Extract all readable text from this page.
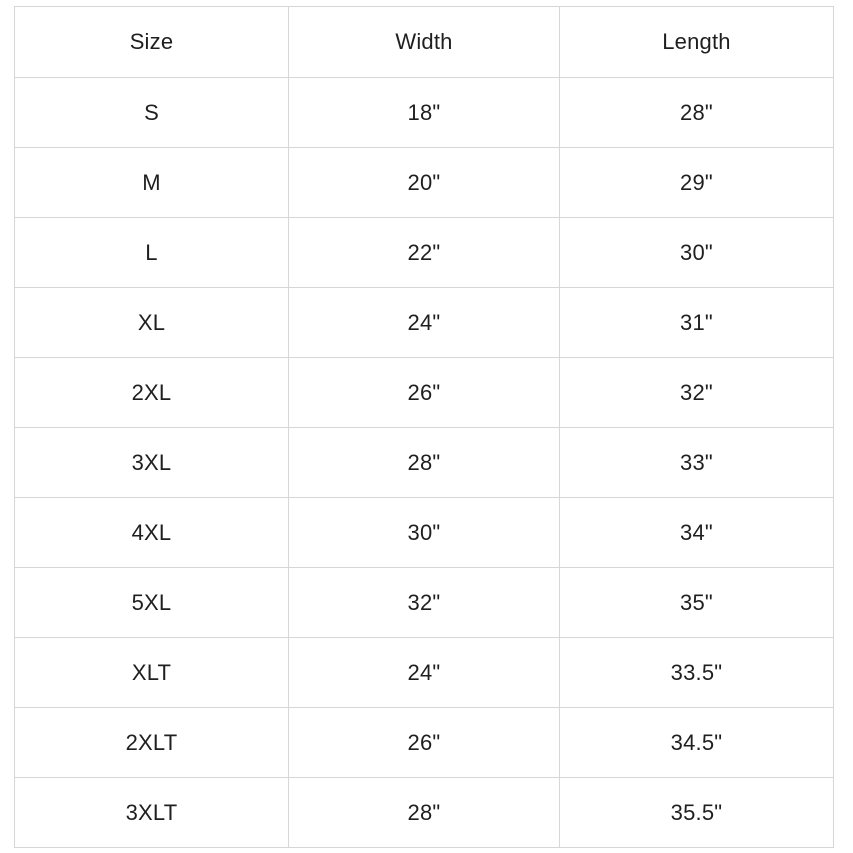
Size	Width	Length
S	18"	28"
M	20"	29"
L	22"	30"
XL	24"	31"
2XL	26"	32"
3XL	28"	33"
4XL	30"	34"
5XL	32"	35"
XLT	24"	33.5"
2XLT	26"	34.5"
3XLT	28"	35.5"
